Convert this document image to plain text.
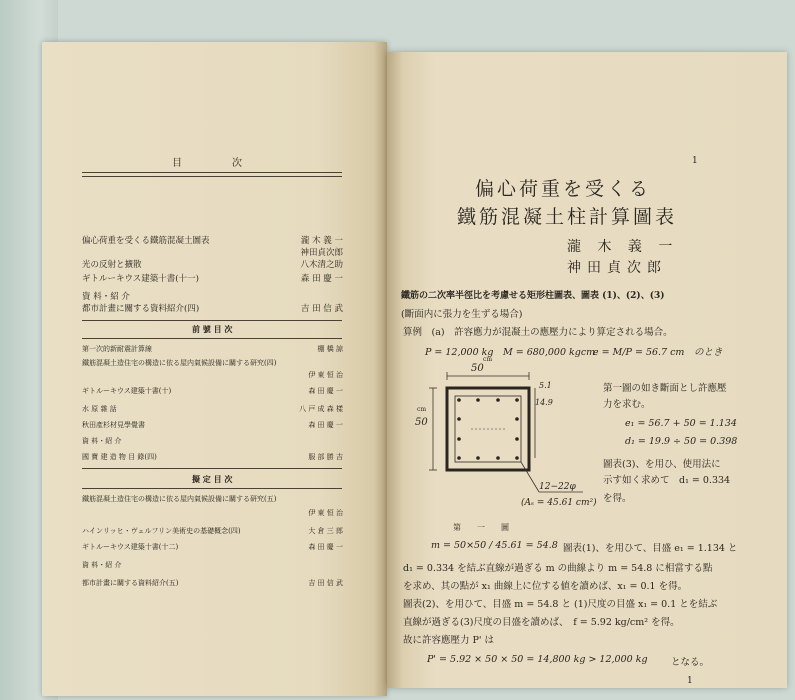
目　　　　次
偏心荷重を受くる鐵筋混凝土圖表	瀧 木 義 一
神田貞次郎
光の反射と擴散	八木清之助
ギトルーキウス建築十書(十一)	森 田 慶 一
資 料・紹 介
都市計畫に關する資料紹介(四)	吉 田 信 武
前 號 目 次
第一次的新耐震計算線	棚 橋 諒
鐵筋混凝土造住宅の構造に依る屋内氣候設備に關する研究(四)
伊 東 恒 治
ギトルーキウス建築十書(十)	森 田 慶 一
水 原 雜 話	八 戸 成 森 樣
秋田產杉材見學覺書	森 田 慶 一
資 料・紹 介
國 寶 建 造 物 目 錄(四)	服 部 勝 吉
擬 定 目 次
鐵筋混凝土造住宅の構造に依る屋内氣候設備に關する研究(五)
伊 東 恒 治
ハインリッヒ・ヴェルフリン美術史の基礎概念(四)	大 倉 三 郎
ギトルーキウス建築十書(十二)	森 田 慶 一
資 料・紹 介
都市計畫に關する資料紹介(五)	吉 田 信 武
1
偏心荷重を受くる
鐵筋混凝土柱計算圖表
瀧 木 義 一
神田貞次郎
鐵筋の二次率半徑比を考慮せる矩形柱圖表、圖表 (1)、(2)、(3)
(斷面内に張力を生ずる場合)
算例　(a)　許容應力が混凝土の應壓力により算定される場合。
P = 12,000 kg　M = 680,000 kgcm
e = M/P = 56.7 cm　のとき
50
cm
50
cm
5.1
14.9
12−22φ
(Aₛ = 45.61 cm²)
第　　一　　圖
第一圖の如き斷面とし許應壓
力を求む。
e₁ = 56.7 + 50 = 1.134
d₁ = 19.9 ÷ 50 = 0.398
圖表(3)、を用ひ、使用法に
示す如く求めて　d₁ = 0.334
を得。
m = 50×50 / 45.61 = 54.8 圖表(1)、を用ひて、目盛 e₁ = 1.134 と
d₁ = 0.334 を結ぶ直線が過ぎる m の曲線より m = 54.8 に相當する點
を求め、其の點が x₁ 曲線上に位する値を讀めば、x₁ = 0.1 を得。
圖表(2)、を用ひて、目盛 m = 54.8 と (1)尺度の目盛 x₁ = 0.1 とを結ぶ
直線が過ぎる(3)尺度の目盛を讀めば、　f = 5.92 kg/cm² を得。
故に許容應壓力 P' は
P' = 5.92 × 50 × 50 = 14,800 kg > 12,000 kg となる。
1
